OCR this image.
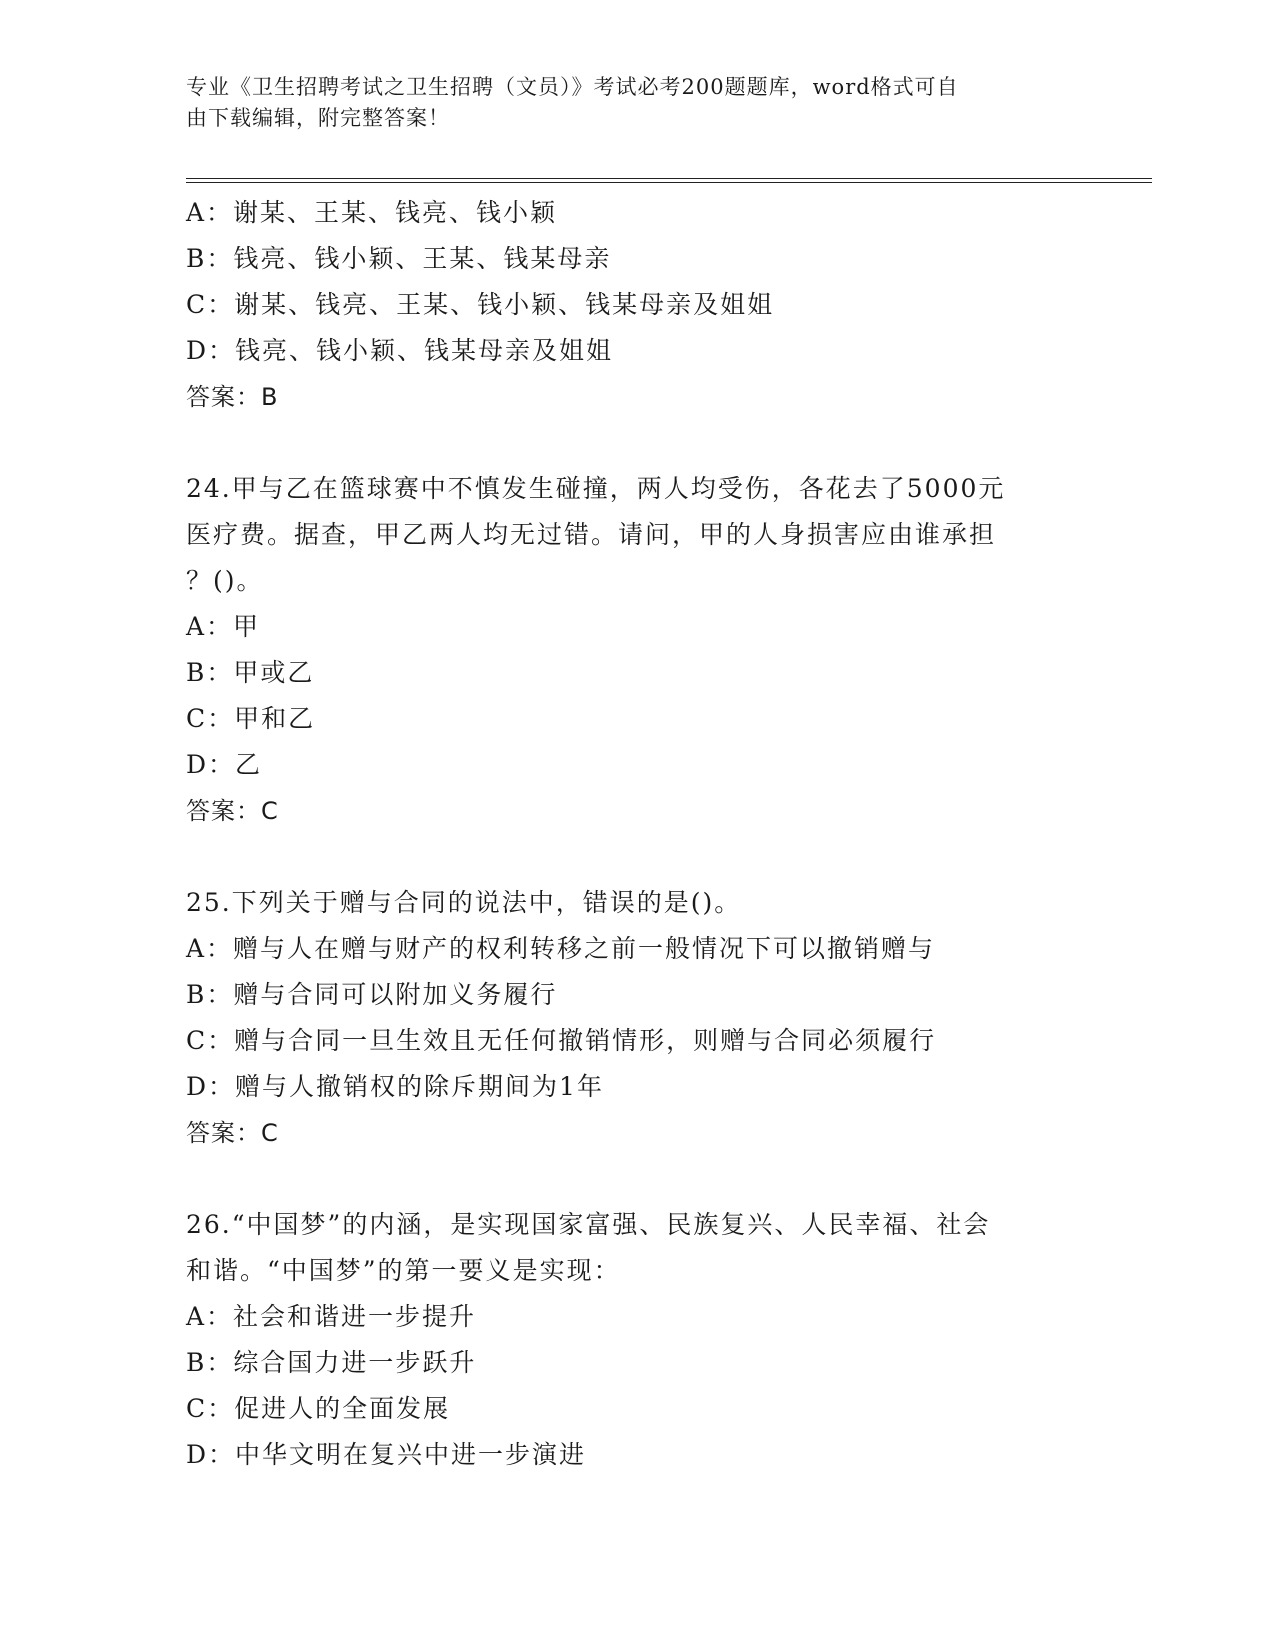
专业《卫生招聘考试之卫生招聘（文员）》考试必考200题题库，word格式可自
由下载编辑，附完整答案！
A：谢某、王某、钱亮、钱小颖
B：钱亮、钱小颖、王某、钱某母亲
C：谢某、钱亮、王某、钱小颖、钱某母亲及姐姐
D：钱亮、钱小颖、钱某母亲及姐姐
答案：B
24.甲与乙在篮球赛中不慎发生碰撞，两人均受伤，各花去了5000元
医疗费。据查，甲乙两人均无过错。请问，甲的人身损害应由谁承担
？()。
A：甲
B：甲或乙
C：甲和乙
D：乙
答案：C
25.下列关于赠与合同的说法中，错误的是()。
A：赠与人在赠与财产的权利转移之前一般情况下可以撤销赠与
B：赠与合同可以附加义务履行
C：赠与合同一旦生效且无任何撤销情形，则赠与合同必须履行
D：赠与人撤销权的除斥期间为1年
答案：C
26.“中国梦”的内涵，是实现国家富强、民族复兴、人民幸福、社会
和谐。“中国梦”的第一要义是实现：
A：社会和谐进一步提升
B：综合国力进一步跃升
C：促进人的全面发展
D：中华文明在复兴中进一步演进
